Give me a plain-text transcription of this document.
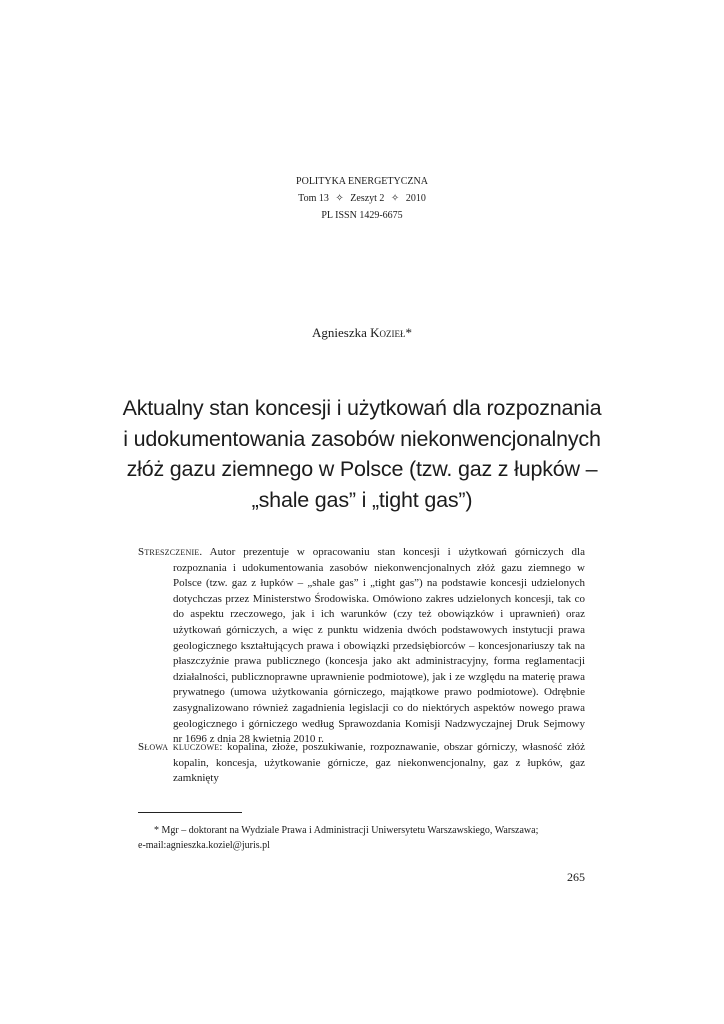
POLITYKA ENERGETYCZNA
Tom 13 ✧ Zeszyt 2 ✧ 2010
PL ISSN 1429-6675
Agnieszka Kozieł*
Aktualny stan koncesji i użytkowań dla rozpoznania
i udokumentowania zasobów niekonwencjonalnych
złóż gazu ziemnego w Polsce (tzw. gaz z łupków –
„shale gas” i „tight gas”)
Streszczenie. Autor prezentuje w opracowaniu stan koncesji i użytkowań górniczych dla rozpoznania i udokumentowania zasobów niekonwencjonalnych złóż gazu ziemnego w Polsce (tzw. gaz z łupków – „shale gas” i „tight gas”) na podstawie koncesji udzielonych dotychczas przez Ministerstwo Środowiska. Omówiono zakres udzielonych koncesji, tak co do aspektu rzeczowego, jak i ich warunków (czy też obowiązków i uprawnień) oraz użytkowań górniczych, a więc z punktu widzenia dwóch podstawowych instytucji prawa geologicznego kształtujących prawa i obowiązki przedsiębiorców – koncesjonariuszy tak na płaszczyźnie prawa publicznego (koncesja jako akt administracyjny, forma reglamentacji działalności, publicznoprawne uprawnienie podmiotowe), jak i ze względu na materię prawa prywatnego (umowa użytkowania górniczego, majątkowe prawo podmiotowe). Odrębnie zasygnalizowano również zagadnienia legislacji co do niektórych aspektów nowego prawa geologicznego i górniczego według Sprawozdania Komisji Nadzwyczajnej Druk Sejmowy nr 1696 z dnia 28 kwietnia 2010 r.
Słowa kluczowe: kopalina, złoże, poszukiwanie, rozpoznawanie, obszar górniczy, własność złóż kopalin, koncesja, użytkowanie górnicze, gaz niekonwencjonalny, gaz z łupków, gaz zamknięty
* Mgr – doktorant na Wydziale Prawa i Administracji Uniwersytetu Warszawskiego, Warszawa;
e-mail:agnieszka.koziel@juris.pl
265
